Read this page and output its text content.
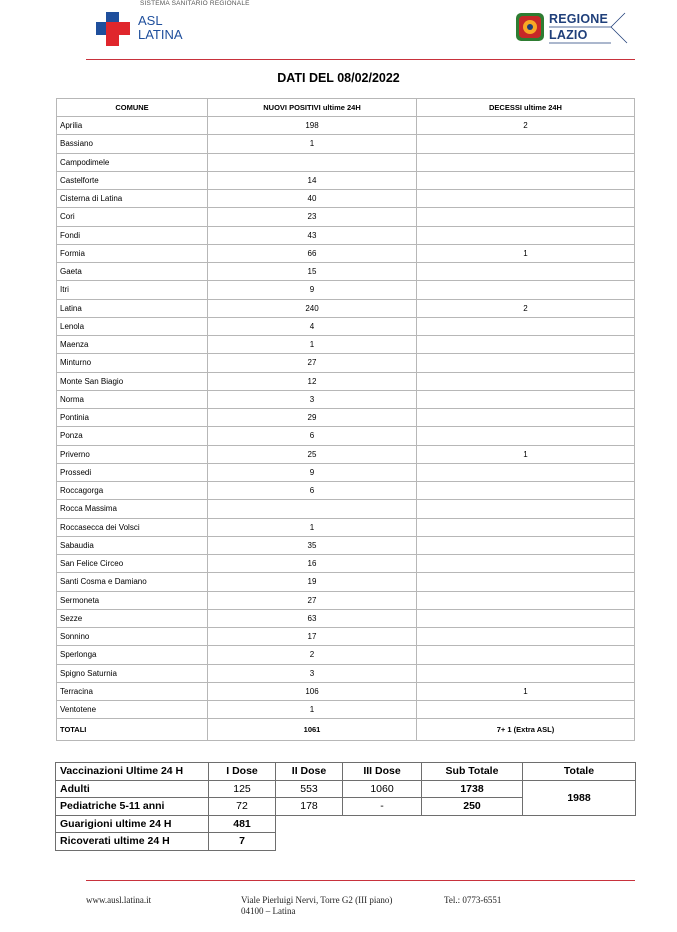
SISTEMA SANITARIO REGIONALE
ASL
LATINA
REGIONE
LAZIO
DATI DEL 08/02/2022
COMUNE	NUOVI POSITIVI ultime 24H	DECESSI ultime 24H
Aprilia	198	2
Bassiano	1	
Campodimele		
Castelforte	14	
Cisterna di Latina	40	
Cori	23	
Fondi	43	
Formia	66	1
Gaeta	15	
Itri	9	
Latina	240	2
Lenola	4	
Maenza	1	
Minturno	27	
Monte San Biagio	12	
Norma	3	
Pontinia	29	
Ponza	6	
Priverno	25	1
Prossedi	9	
Roccagorga	6	
Rocca Massima		
Roccasecca dei Volsci	1	
Sabaudia	35	
San Felice Circeo	16	
Santi Cosma e Damiano	19	
Sermoneta	27	
Sezze	63	
Sonnino	17	
Sperlonga	2	
Spigno Saturnia	3	
Terracina	106	1
Ventotene	1	
TOTALI	1061	7+ 1 (Extra ASL)
Vaccinazioni Ultime 24 H	I Dose	II Dose	III Dose	Sub Totale	Totale
Adulti	125	553	1060	1738	1988
Pediatriche 5-11 anni	72	178	-	250	
Guarigioni ultime 24 H	481				
Ricoverati ultime 24 H	7				
www.ausl.latina.it	Viale Pierluigi Nervi, Torre G2 (III piano)
04100 – Latina
Tel.: 0773-6551
